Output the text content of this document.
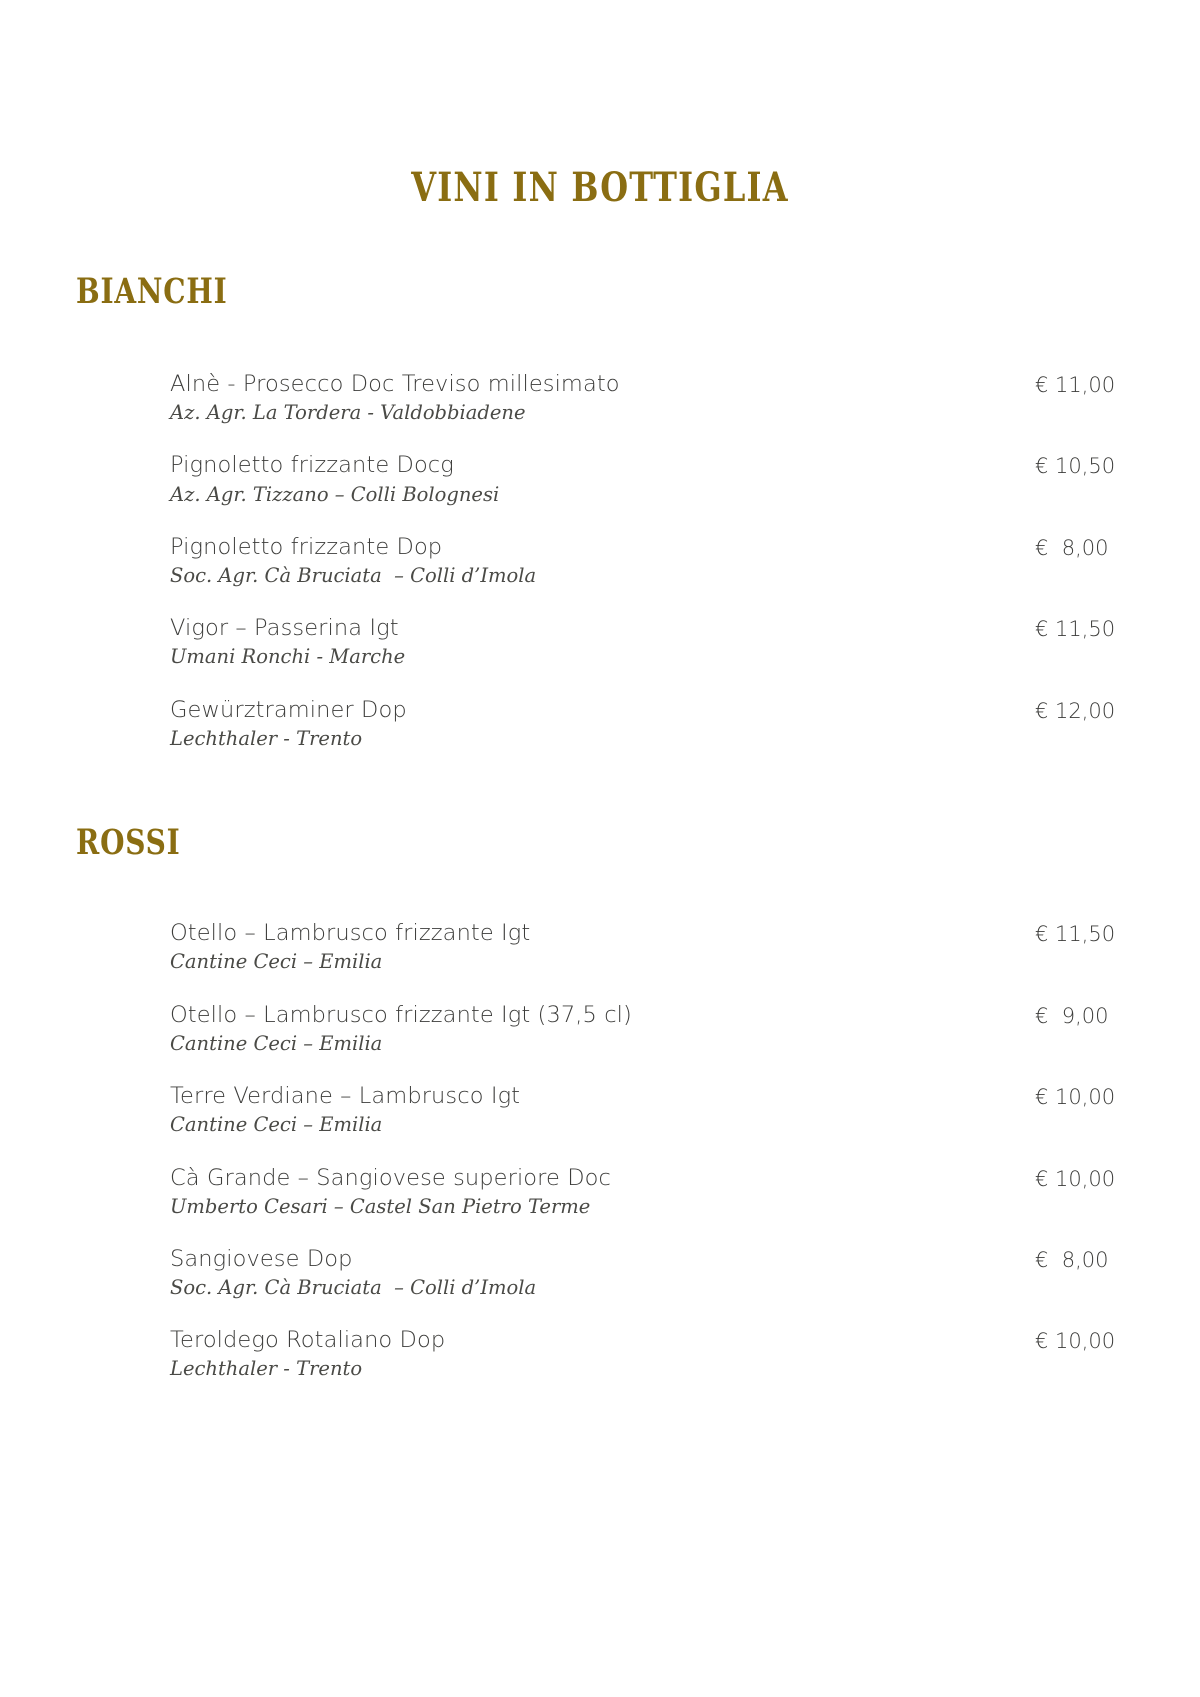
VINI IN BOTTIGLIA
BIANCHI
Alnè - Prosecco Doc Treviso millesimato
Az. Agr. La Tordera - Valdobbiadene
€ 11,00
Pignoletto frizzante Docg
Az. Agr. Tizzano – Colli Bolognesi
€ 10,50
Pignoletto frizzante Dop
Soc. Agr. Cà Bruciata  – Colli d’Imola
€  8,00
Vigor – Passerina Igt
Umani Ronchi - Marche
€ 11,50
Gewürztraminer Dop
Lechthaler - Trento
€ 12,00
ROSSI
Otello – Lambrusco frizzante Igt
Cantine Ceci – Emilia
€ 11,50
Otello – Lambrusco frizzante Igt (37,5 cl)
Cantine Ceci – Emilia
€  9,00
Terre Verdiane – Lambrusco Igt
Cantine Ceci – Emilia
€ 10,00
Cà Grande – Sangiovese superiore Doc
Umberto Cesari – Castel San Pietro Terme
€ 10,00
Sangiovese Dop
Soc. Agr. Cà Bruciata  – Colli d’Imola
€  8,00
Teroldego Rotaliano Dop
Lechthaler - Trento
€ 10,00
